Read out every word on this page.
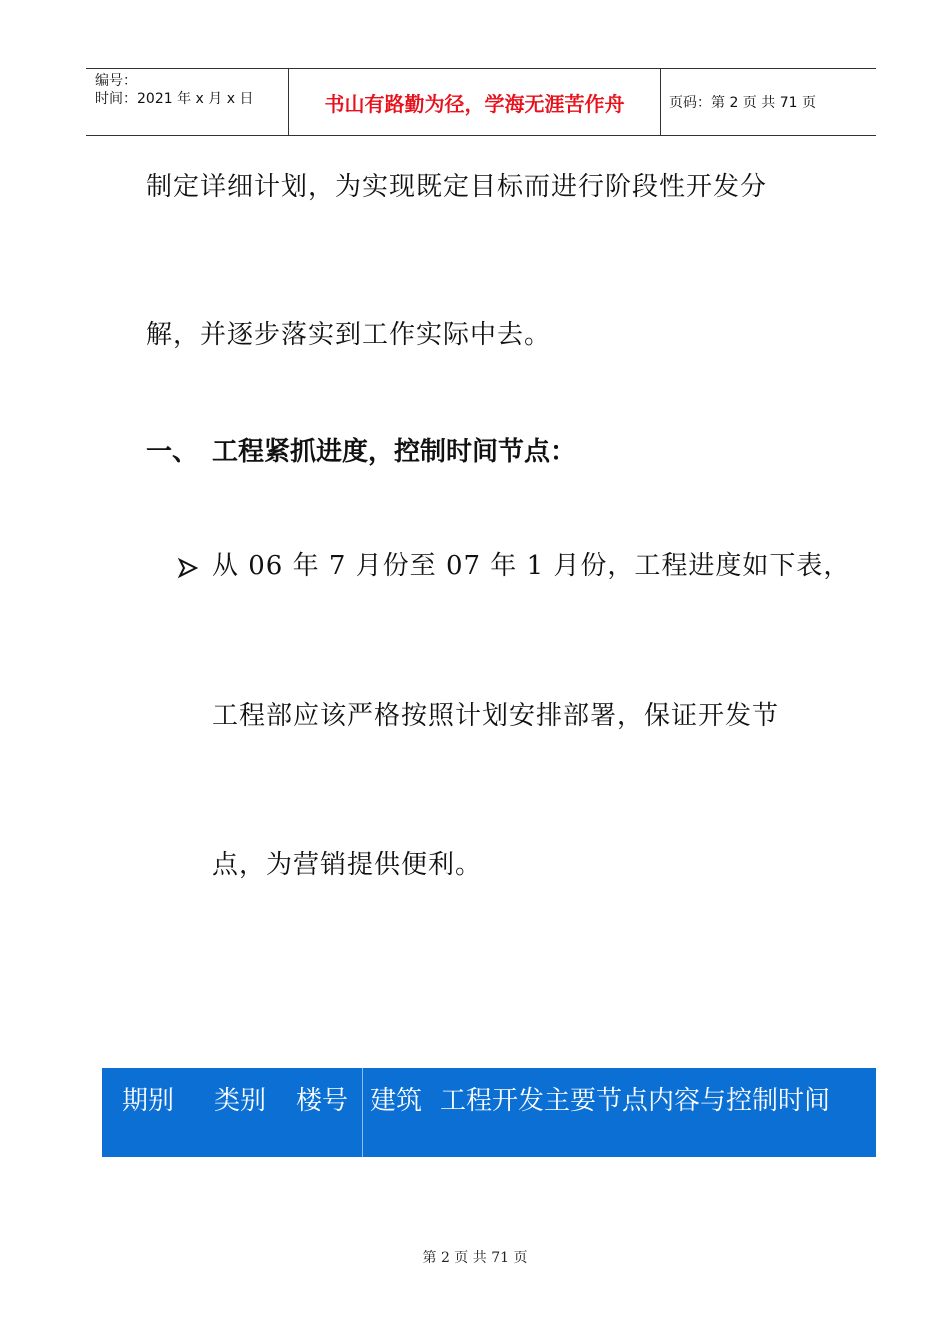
编号：
时间：2021 年 x 月 x 日	书山有路勤为径，学海无涯苦作舟	页码：第 2 页 共 71 页
制定详细计划，为实现既定目标而进行阶段性开发分
解，并逐步落实到工作实际中去。
一、 工程紧抓进度，控制时间节点：
从 06 年 7 月份至 07 年 1 月份，工程进度如下表，
工程部应该严格按照计划安排部署，保证开发节
点，为营销提供便利。
期别 类别 楼号 建筑 工程开发主要节点内容与控制时间
第 2 页 共 71 页
